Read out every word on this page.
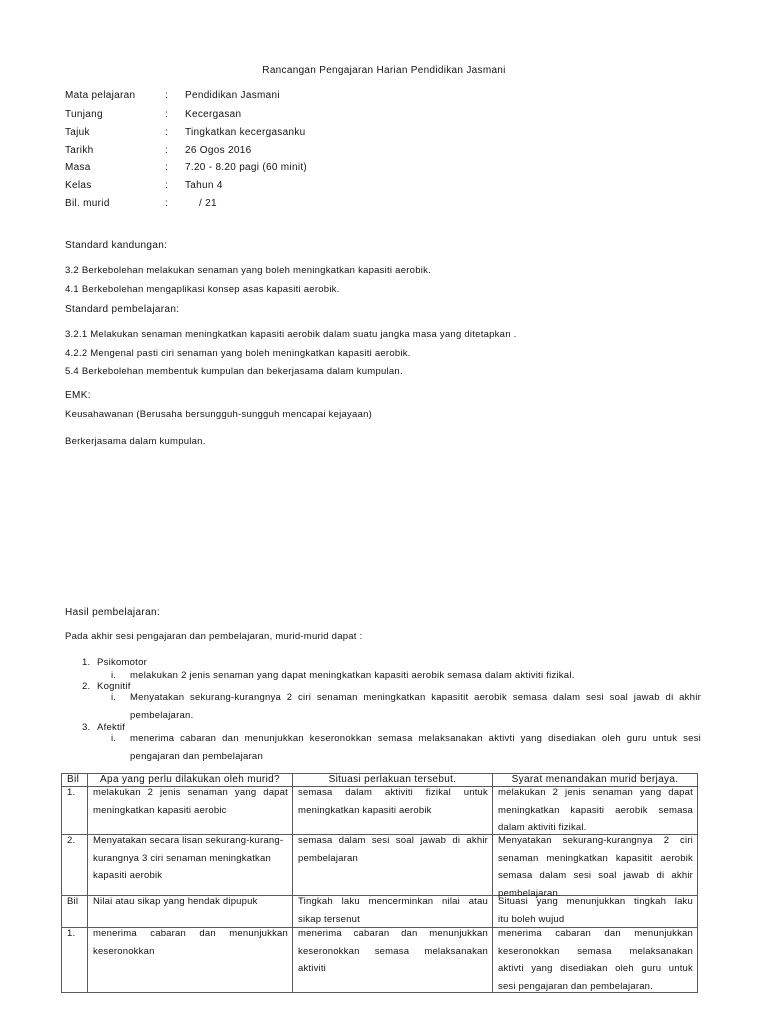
Rancangan Pengajaran Harian Pendidikan Jasmani
Mata pelajaran	: Pendidikan Jasmani
Tunjang	: Kecergasan
Tajuk	: Tingkatkan kecergasanku
Tarikh	: 26 Ogos 2016
Masa	: 7.20 - 8.20 pagi (60 minit)
Kelas	: Tahun 4
Bil. murid	:	/ 21
Standard kandungan:
3.2 Berkebolehan melakukan senaman yang boleh meningkatkan kapasiti aerobik.
4.1 Berkebolehan mengaplikasi konsep asas kapasiti aerobik.
Standard pembelajaran:
3.2.1 Melakukan senaman meningkatkan kapasiti aerobik dalam suatu jangka masa yang ditetapkan .
4.2.2 Mengenal pasti ciri senaman yang boleh meningkatkan kapasiti aerobik.
5.4 Berkebolehan membentuk kumpulan dan bekerjasama dalam kumpulan.
EMK:
Keusahawanan (Berusaha bersungguh-sungguh mencapai kejayaan)
Berkerjasama dalam kumpulan.
Hasil pembelajaran:
Pada akhir sesi pengajaran dan pembelajaran, murid-murid dapat :
1. Psikomotor
i. melakukan 2 jenis senaman yang dapat meningkatkan kapasiti aerobik semasa dalam aktiviti fizikal.
2. Kognitif
i. Menyatakan sekurang-kurangnya 2 ciri senaman meningkatkan kapasitit aerobik semasa dalam sesi soal jawab di akhir
pembelajaran.
3. Afektif
i. menerima cabaran dan menunjukkan keseronokkan semasa melaksanakan aktivti yang disediakan oleh guru untuk sesi
pengajaran dan pembelajaran
Bil	Apa yang perlu dilakukan oleh murid?	Situasi perlakuan tersebut.	Syarat menandakan murid berjaya.

1.	melakukan 2 jenis senaman yang dapat
meningkatkan kapasiti aerobic	semasa dalam aktiviti fizikal untuk
meningkatkan kapasiti aerobik	melakukan 2 jenis senaman yang dapat
meningkatkan kapasiti aerobik semasa
dalam aktiviti fizikal.

2.	Menyatakan secara lisan sekurang-kurang-
kurangnya 3 ciri senaman meningkatkan
kapasiti aerobik	semasa dalam sesi soal jawab di akhir
pembelajaran	Menyatakan sekurang-kurangnya 2 ciri
senaman meningkatkan kapasitit aerobik
semasa dalam sesi soal jawab di akhir
pembelajaran.

Bil	Nilai atau sikap yang hendak dipupuk	Tingkah laku mencerminkan nilai atau
sikap tersenut	Situasi yang menunjukkan tingkah laku
itu boleh wujud

1.	menerima cabaran dan menunjukkan
keseronokkan	menerima cabaran dan menunjukkan
keseronokkan semasa melaksanakan
aktiviti	menerima cabaran dan menunjukkan
keseronokkan semasa melaksanakan
aktivti yang disediakan oleh guru untuk
sesi pengajaran dan pembelajaran.
